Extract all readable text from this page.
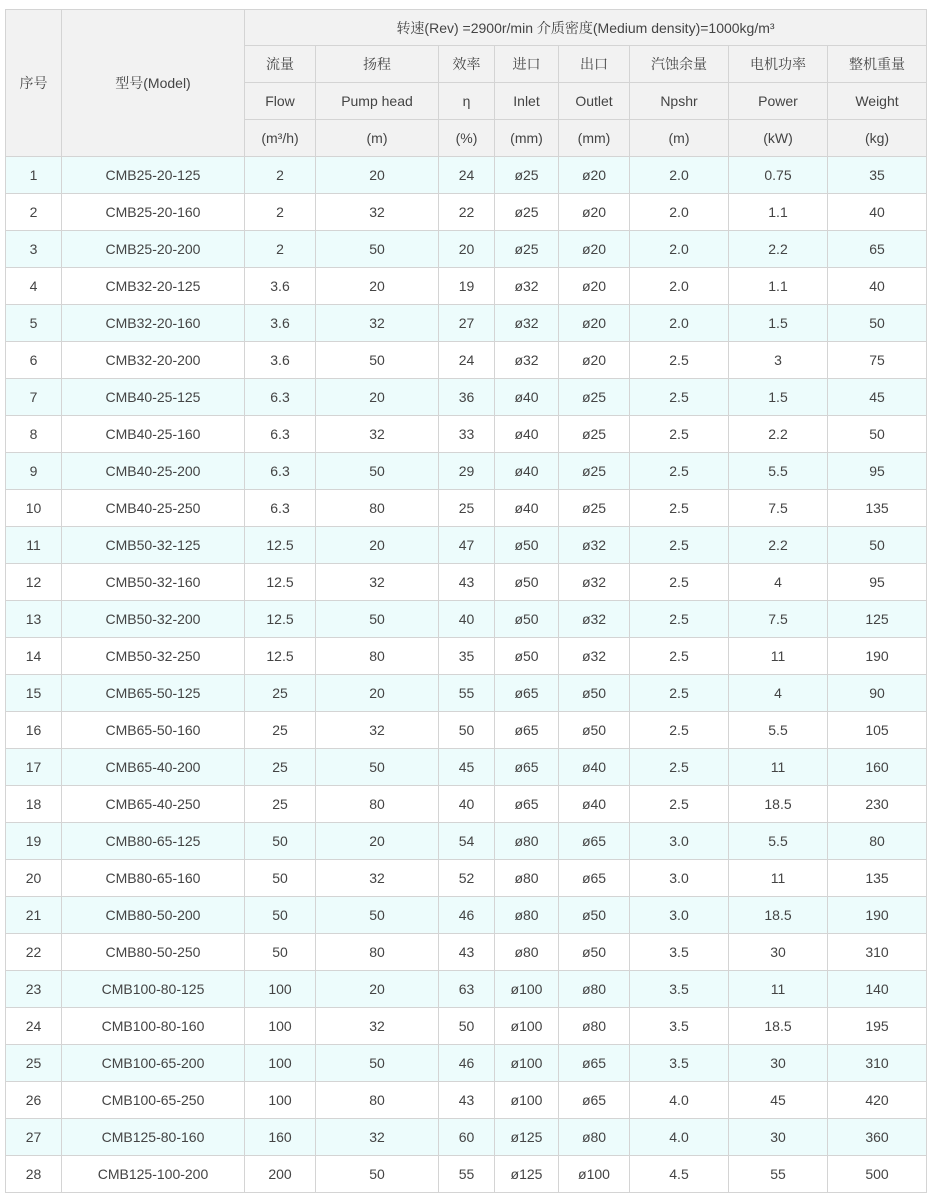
序号	型号(Model)	转速(Rev) =2900r/min 介质密度(Medium density)=1000kg/m³							
		流量	扬程	效率	进口	出口	汽蚀余量	电机功率	整机重量
		Flow	Pump head	η	Inlet	Outlet	Npshr	Power	Weight
		(m³/h)	(m)	(%)	(mm)	(mm)	(m)	(kW)	(kg)
1	CMB25-20-125	2	20	24	ø25	ø20	2.0	0.75	35
2	CMB25-20-160	2	32	22	ø25	ø20	2.0	1.1	40
3	CMB25-20-200	2	50	20	ø25	ø20	2.0	2.2	65
4	CMB32-20-125	3.6	20	19	ø32	ø20	2.0	1.1	40
5	CMB32-20-160	3.6	32	27	ø32	ø20	2.0	1.5	50
6	CMB32-20-200	3.6	50	24	ø32	ø20	2.5	3	75
7	CMB40-25-125	6.3	20	36	ø40	ø25	2.5	1.5	45
8	CMB40-25-160	6.3	32	33	ø40	ø25	2.5	2.2	50
9	CMB40-25-200	6.3	50	29	ø40	ø25	2.5	5.5	95
10	CMB40-25-250	6.3	80	25	ø40	ø25	2.5	7.5	135
11	CMB50-32-125	12.5	20	47	ø50	ø32	2.5	2.2	50
12	CMB50-32-160	12.5	32	43	ø50	ø32	2.5	4	95
13	CMB50-32-200	12.5	50	40	ø50	ø32	2.5	7.5	125
14	CMB50-32-250	12.5	80	35	ø50	ø32	2.5	11	190
15	CMB65-50-125	25	20	55	ø65	ø50	2.5	4	90
16	CMB65-50-160	25	32	50	ø65	ø50	2.5	5.5	105
17	CMB65-40-200	25	50	45	ø65	ø40	2.5	11	160
18	CMB65-40-250	25	80	40	ø65	ø40	2.5	18.5	230
19	CMB80-65-125	50	20	54	ø80	ø65	3.0	5.5	80
20	CMB80-65-160	50	32	52	ø80	ø65	3.0	11	135
21	CMB80-50-200	50	50	46	ø80	ø50	3.0	18.5	190
22	CMB80-50-250	50	80	43	ø80	ø50	3.5	30	310
23	CMB100-80-125	100	20	63	ø100	ø80	3.5	11	140
24	CMB100-80-160	100	32	50	ø100	ø80	3.5	18.5	195
25	CMB100-65-200	100	50	46	ø100	ø65	3.5	30	310
26	CMB100-65-250	100	80	43	ø100	ø65	4.0	45	420
27	CMB125-80-160	160	32	60	ø125	ø80	4.0	30	360
28	CMB125-100-200	200	50	55	ø125	ø100	4.5	55	500
